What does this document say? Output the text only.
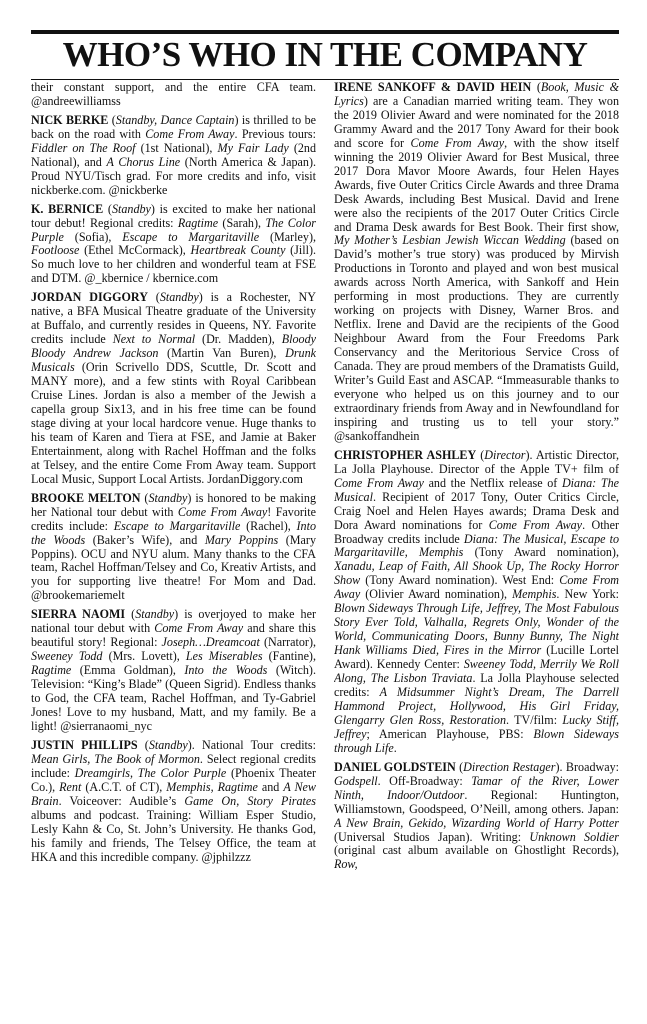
WHO’S WHO IN THE COMPANY

their constant support, and the entire CFA team. @andreewilliamss

NICK BERKE (Standby, Dance Captain) is thrilled to be back on the road with Come From Away. Previous tours: Fiddler on The Roof (1st National), My Fair Lady (2nd National), and A Chorus Line (North America & Japan). Proud NYU/Tisch grad. For more credits and info, visit nickberke.com. @nickberke

K. BERNICE (Standby) is excited to make her national tour debut! Regional credits: Ragtime (Sarah), The Color Purple (Sofia), Escape to Margaritaville (Marley), Footloose (Ethel McCormack), Heartbreak County (Jill). So much love to her children and wonderful team at FSE and DTM. @_kbernice / kbernice.com

JORDAN DIGGORY (Standby) is a Rochester, NY native, a BFA Musical Theatre graduate of the University at Buffalo, and currently resides in Queens, NY. Favorite credits include Next to Normal (Dr. Madden), Bloody Bloody Andrew Jackson (Martin Van Buren), Drunk Musicals (Orin Scrivello DDS, Scuttle, Dr. Scott and MANY more), and a few stints with Royal Caribbean Cruise Lines. Jordan is also a member of the Jewish a capella group Six13, and in his free time can be found stage diving at your local hardcore venue. Huge thanks to his team of Karen and Tiera at FSE, and Jamie at Baker Entertainment, along with Rachel Hoffman and the folks at Telsey, and the entire Come From Away team. Support Local Music, Support Local Artists. JordanDiggory.com

BROOKE MELTON (Standby) is honored to be making her National tour debut with Come From Away! Favorite credits include: Escape to Margaritaville (Rachel), Into the Woods (Baker’s Wife), and Mary Poppins (Mary Poppins). OCU and NYU alum. Many thanks to the CFA team, Rachel Hoffman/Telsey and Co, Kreativ Artists, and you for supporting live theatre! For Mom and Dad. @brookemariemelt

SIERRA NAOMI (Standby) is overjoyed to make her national tour debut with Come From Away and share this beautiful story! Regional: Joseph…Dreamcoat (Narrator), Sweeney Todd (Mrs. Lovett), Les Miserables (Fantine), Ragtime (Emma Goldman), Into the Woods (Witch). Television: “King’s Blade” (Queen Sigrid). Endless thanks to God, the CFA team, Rachel Hoffman, and Ty-Gabriel Jones! Love to my husband, Matt, and my family. Be a light! @sierranaomi_nyc

JUSTIN PHILLIPS (Standby). National Tour credits: Mean Girls, The Book of Mormon. Select regional credits include: Dreamgirls, The Color Purple (Phoenix Theater Co.), Rent (A.C.T. of CT), Memphis, Ragtime and A New Brain. Voiceover: Audible’s Game On, Story Pirates albums and podcast. Training: William Esper Studio, Lesly Kahn & Co, St. John’s University. He thanks God, his family and friends, The Telsey Office, the team at HKA and this incredible company. @jphilzzz

IRENE SANKOFF & DAVID HEIN (Book, Music & Lyrics) are a Canadian married writing team. They won the 2019 Olivier Award and were nominated for the 2018 Grammy Award and the 2017 Tony Award for their book and score for Come From Away, with the show itself winning the 2019 Olivier Award for Best Musical, three 2017 Dora Mavor Moore Awards, four Helen Hayes Awards, five Outer Critics Circle Awards and three Drama Desk Awards, including Best Musical. David and Irene were also the recipients of the 2017 Outer Critics Circle and Drama Desk awards for Best Book. Their first show, My Mother’s Lesbian Jewish Wiccan Wedding (based on David’s mother’s true story) was produced by Mirvish Productions in Toronto and played and won best musical awards across North America, with Sankoff and Hein performing in most productions. They are currently working on projects with Disney, Warner Bros. and Netflix. Irene and David are the recipients of the Good Neighbour Award from the Four Freedoms Park Conservancy and the Meritorious Service Cross of Canada. They are proud members of the Dramatists Guild, Writer’s Guild East and ASCAP. “Immeasurable thanks to everyone who helped us on this journey and to our extraordinary friends from Away and in Newfoundland for inspiring and trusting us to tell your story.” @sankoffandhein

CHRISTOPHER ASHLEY (Director). Artistic Director, La Jolla Playhouse. Director of the Apple TV+ film of Come From Away and the Netflix release of Diana: The Musical. Recipient of 2017 Tony, Outer Critics Circle, Craig Noel and Helen Hayes awards; Drama Desk and Dora Award nominations for Come From Away. Other Broadway credits include Diana: The Musical, Escape to Margaritaville, Memphis (Tony Award nomination), Xanadu, Leap of Faith, All Shook Up, The Rocky Horror Show (Tony Award nomination). West End: Come From Away (Olivier Award nomination), Memphis. New York: Blown Sideways Through Life, Jeffrey, The Most Fabulous Story Ever Told, Valhalla, Regrets Only, Wonder of the World, Communicating Doors, Bunny Bunny, The Night Hank Williams Died, Fires in the Mirror (Lucille Lortel Award). Kennedy Center: Sweeney Todd, Merrily We Roll Along, The Lisbon Traviata. La Jolla Playhouse selected credits: A Midsummer Night’s Dream, The Darrell Hammond Project, Hollywood, His Girl Friday, Glengarry Glen Ross, Restoration. TV/film: Lucky Stiff, Jeffrey; American Playhouse, PBS: Blown Sideways through Life.

DANIEL GOLDSTEIN (Direction Restager). Broadway: Godspell. Off-Broadway: Tamar of the River, Lower Ninth, Indoor/Outdoor. Regional: Huntington, Williamstown, Goodspeed, O’Neill, among others. Japan: A New Brain, Gekido, Wizarding World of Harry Potter (Universal Studios Japan). Writing: Unknown Soldier (original cast album available on Ghostlight Records), Row,
